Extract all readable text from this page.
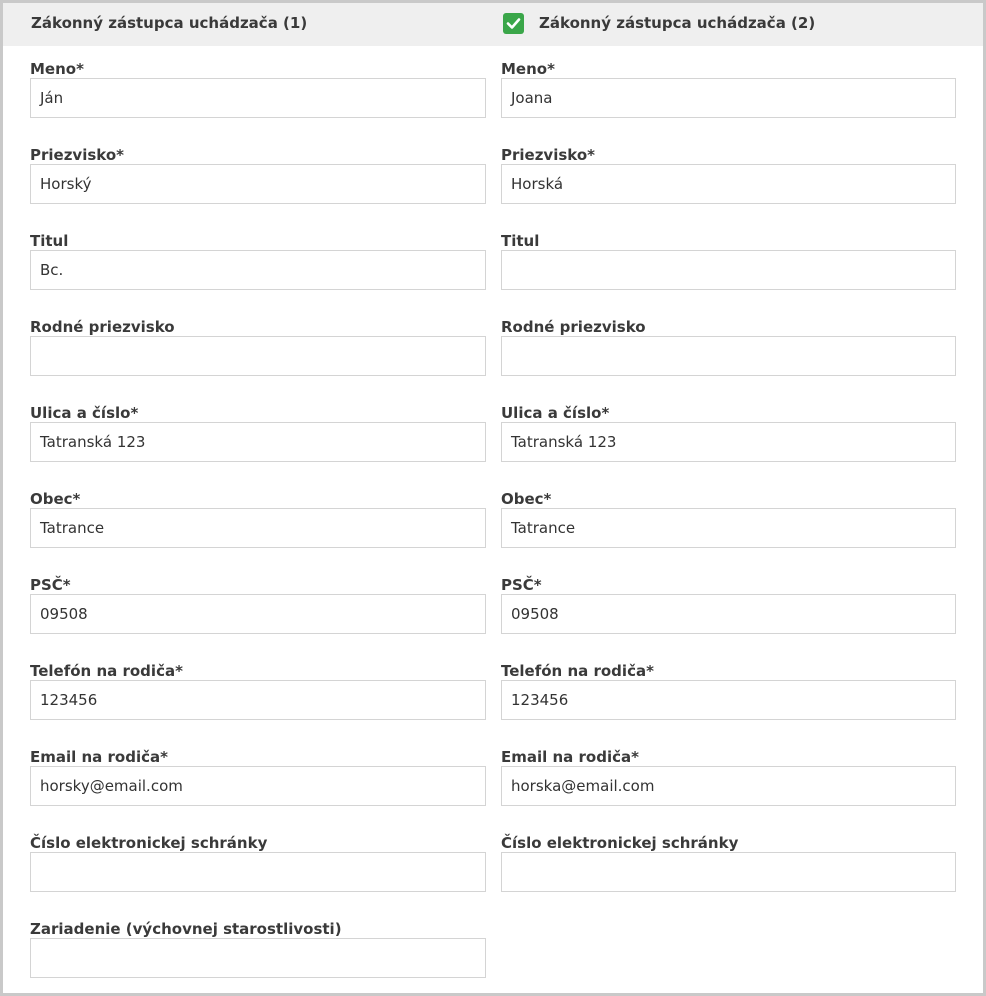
Zákonný zástupca uchádzača (1)	Zákonný zástupca uchádzača (2)
Meno*
Ján
Priezvisko*
Horský
Titul
Bc.
Rodné priezvisko
Ulica a číslo*
Tatranská 123
Obec*
Tatrance
PSČ*
09508
Telefón na rodiča*
123456
Email na rodiča*
horsky@email.com
Číslo elektronickej schránky
Zariadenie (výchovnej starostlivosti)
Meno*
Joana
Priezvisko*
Horská
Titul
Rodné priezvisko
Ulica a číslo*
Tatranská 123
Obec*
Tatrance
PSČ*
09508
Telefón na rodiča*
123456
Email na rodiča*
horska@email.com
Číslo elektronickej schránky
